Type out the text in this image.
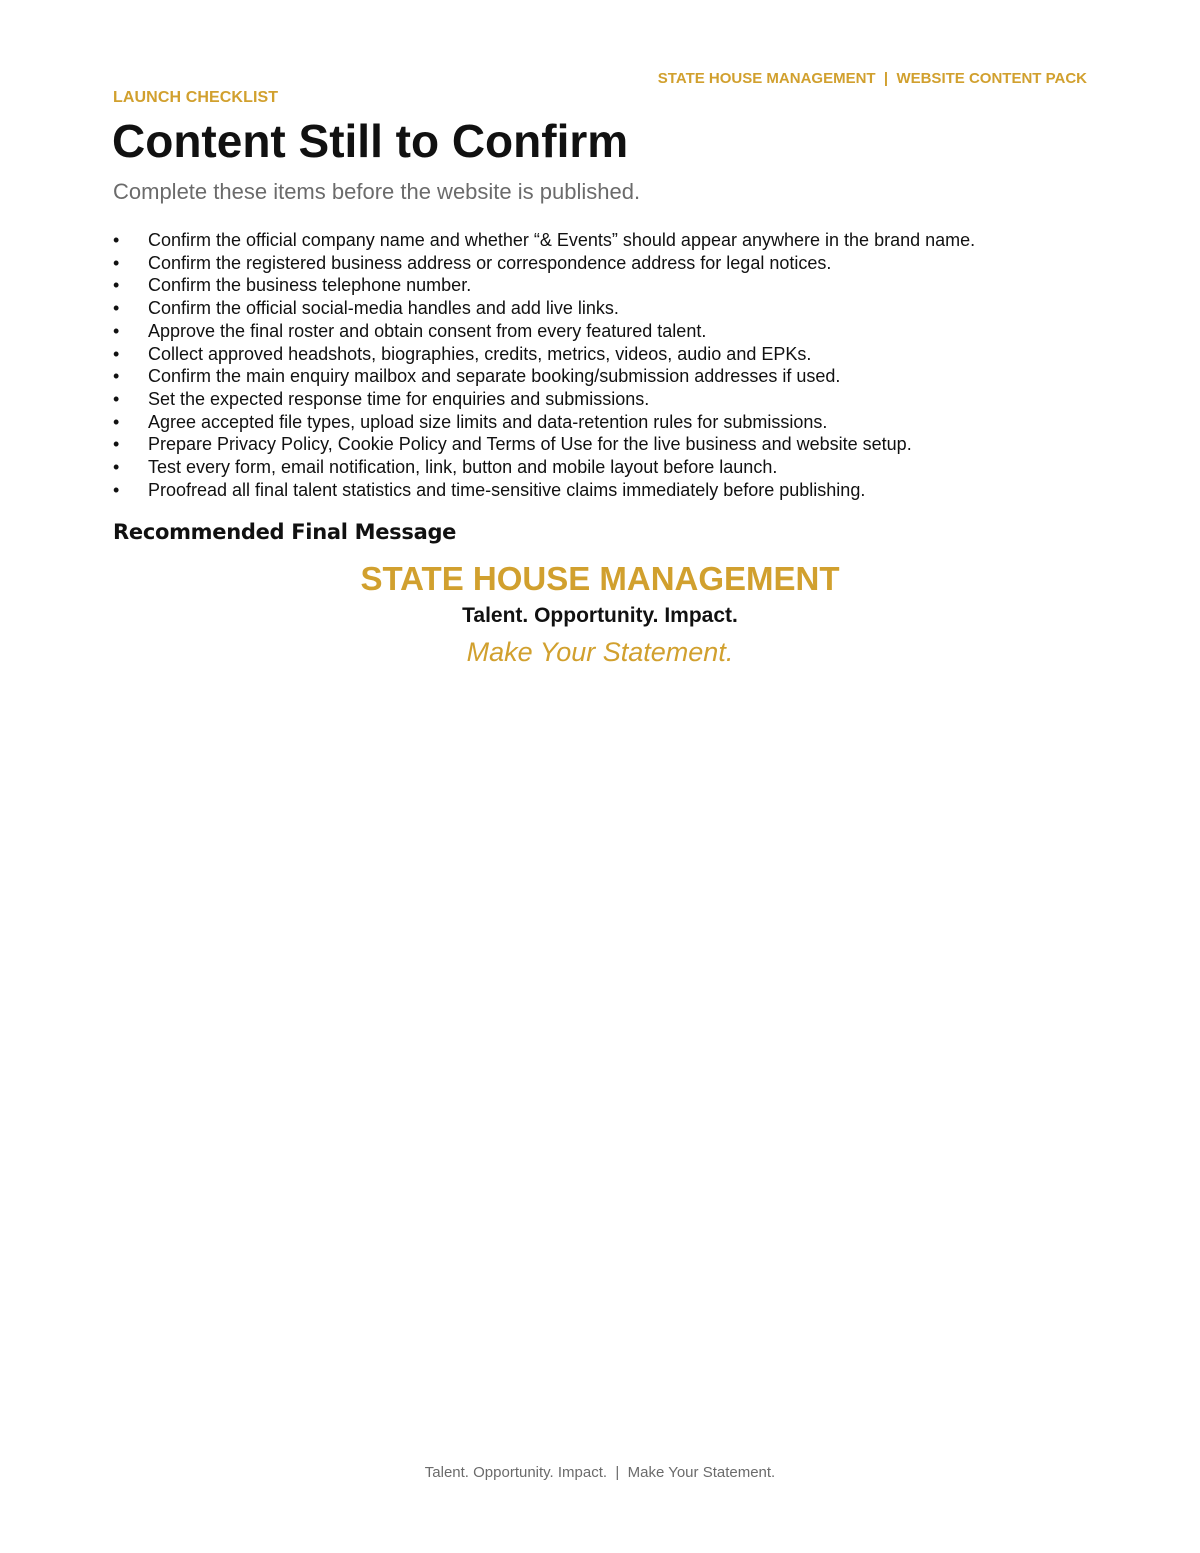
STATE HOUSE MANAGEMENT  |  WEBSITE CONTENT PACK
LAUNCH CHECKLIST
Content Still to Confirm

Complete these items before the website is published.

• Confirm the official company name and whether “& Events” should appear anywhere in the brand name.
• Confirm the registered business address or correspondence address for legal notices.
• Confirm the business telephone number.
• Confirm the official social-media handles and add live links.
• Approve the final roster and obtain consent from every featured talent.
• Collect approved headshots, biographies, credits, metrics, videos, audio and EPKs.
• Confirm the main enquiry mailbox and separate booking/submission addresses if used.
• Set the expected response time for enquiries and submissions.
• Agree accepted file types, upload size limits and data-retention rules for submissions.
• Prepare Privacy Policy, Cookie Policy and Terms of Use for the live business and website setup.
• Test every form, email notification, link, button and mobile layout before launch.
• Proofread all final talent statistics and time-sensitive claims immediately before publishing.
Recommended Final Message
STATE HOUSE MANAGEMENT
Talent. Opportunity. Impact.
Make Your Statement.
Talent. Opportunity. Impact.  |  Make Your Statement.
